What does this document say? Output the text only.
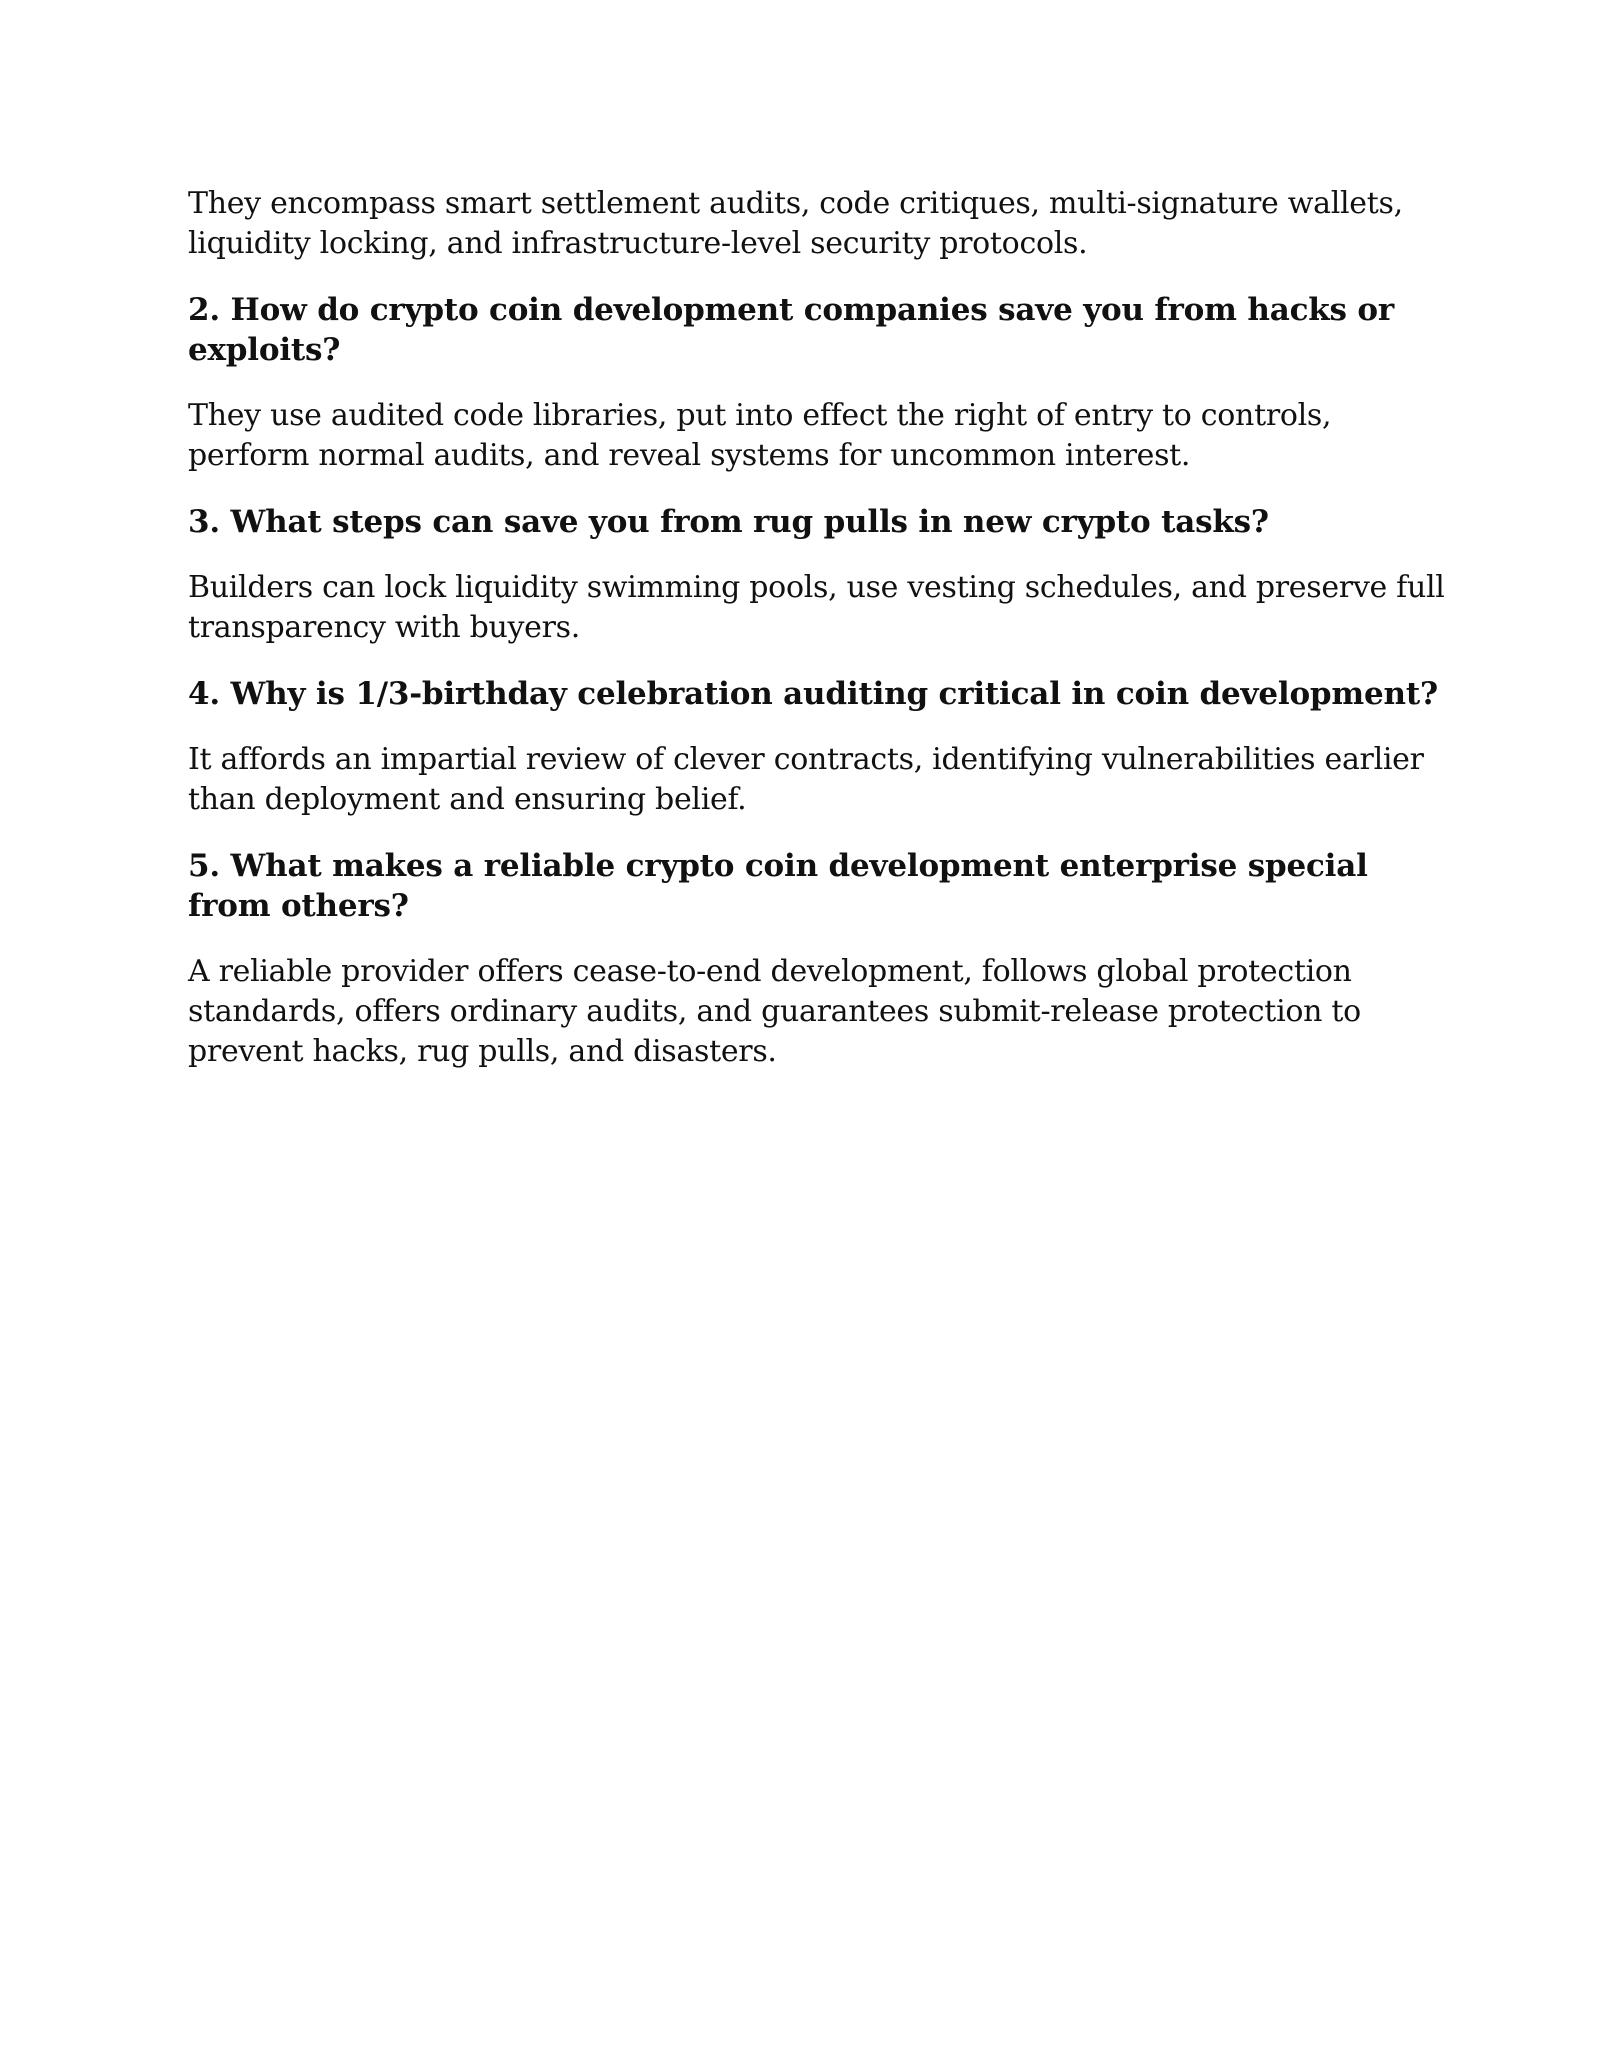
They encompass smart settlement audits, code critiques, multi-signature wallets, liquidity locking, and infrastructure-level security protocols.

2. How do crypto coin development companies save you from hacks or exploits?

They use audited code libraries, put into effect the right of entry to controls, perform normal audits, and reveal systems for uncommon interest.

3. What steps can save you from rug pulls in new crypto tasks?

Builders can lock liquidity swimming pools, use vesting schedules, and preserve full transparency with buyers.

4. Why is 1/3-birthday celebration auditing critical in coin development?

It affords an impartial review of clever contracts, identifying vulnerabilities earlier than deployment and ensuring belief.

5. What makes a reliable crypto coin development enterprise special from others?

A reliable provider offers cease-to-end development, follows global protection standards, offers ordinary audits, and guarantees submit-release protection to prevent hacks, rug pulls, and disasters.
